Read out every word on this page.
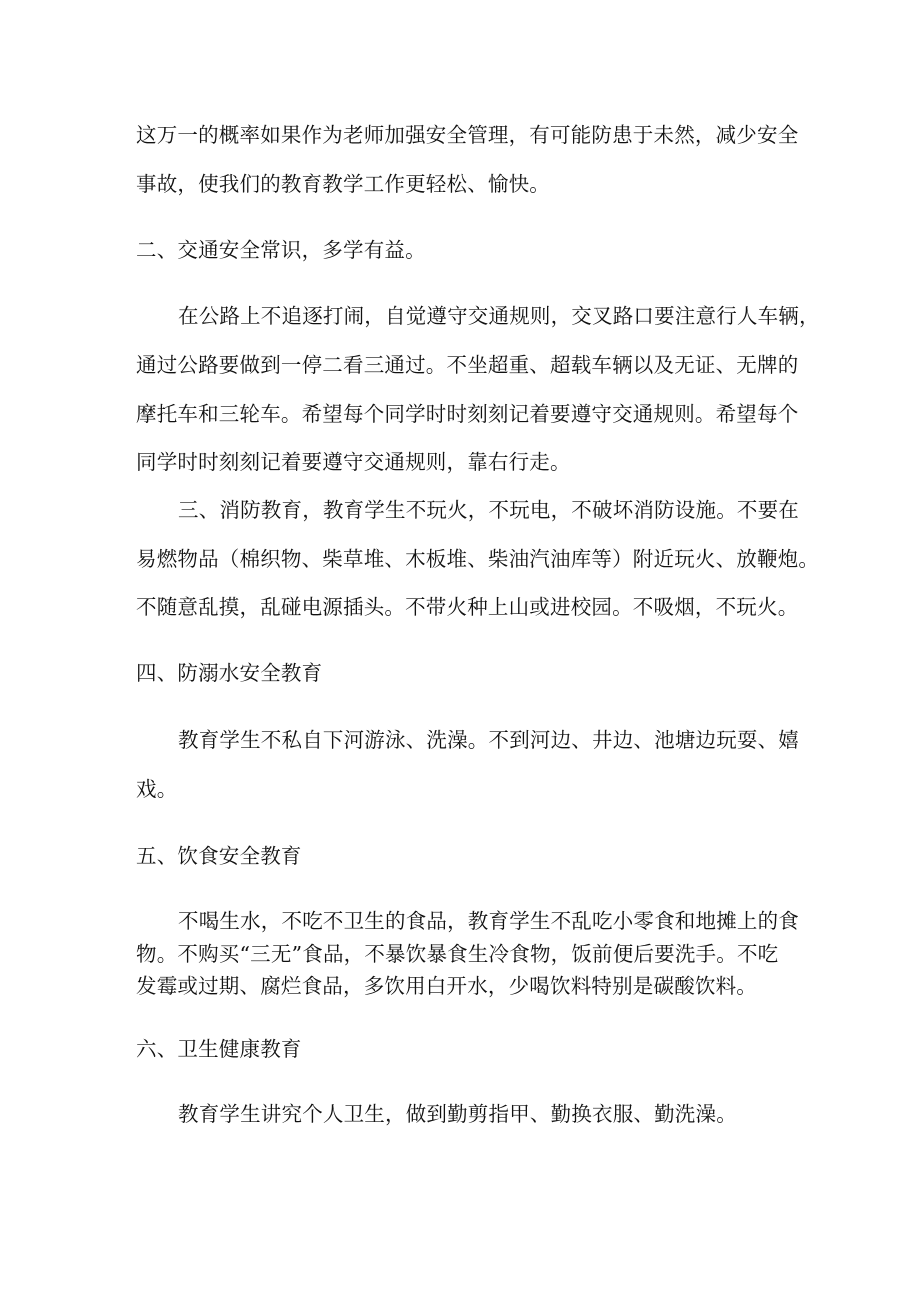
这万一的概率如果作为老师加强安全管理，有可能防患于未然，减少安全
事故，使我们的教育教学工作更轻松、愉快。
二、交通安全常识，多学有益。
在公路上不追逐打闹，自觉遵守交通规则，交叉路口要注意行人车辆，
通过公路要做到一停二看三通过。不坐超重、超载车辆以及无证、无牌的
摩托车和三轮车。希望每个同学时时刻刻记着要遵守交通规则。希望每个
同学时时刻刻记着要遵守交通规则，靠右行走。
三、消防教育，教育学生不玩火，不玩电，不破坏消防设施。不要在
易燃物品（棉织物、柴草堆、木板堆、柴油汽油库等）附近玩火、放鞭炮。
不随意乱摸，乱碰电源插头。不带火种上山或进校园。不吸烟，不玩火。
四、防溺水安全教育
教育学生不私自下河游泳、洗澡。不到河边、井边、池塘边玩耍、嬉
戏。
五、饮食安全教育
不喝生水，不吃不卫生的食品，教育学生不乱吃小零食和地摊上的食
物。不购买“三无”食品，不暴饮暴食生冷食物，饭前便后要洗手。不吃
发霉或过期、腐烂食品，多饮用白开水，少喝饮料特别是碳酸饮料。
六、卫生健康教育
教育学生讲究个人卫生，做到勤剪指甲、勤换衣服、勤洗澡。
